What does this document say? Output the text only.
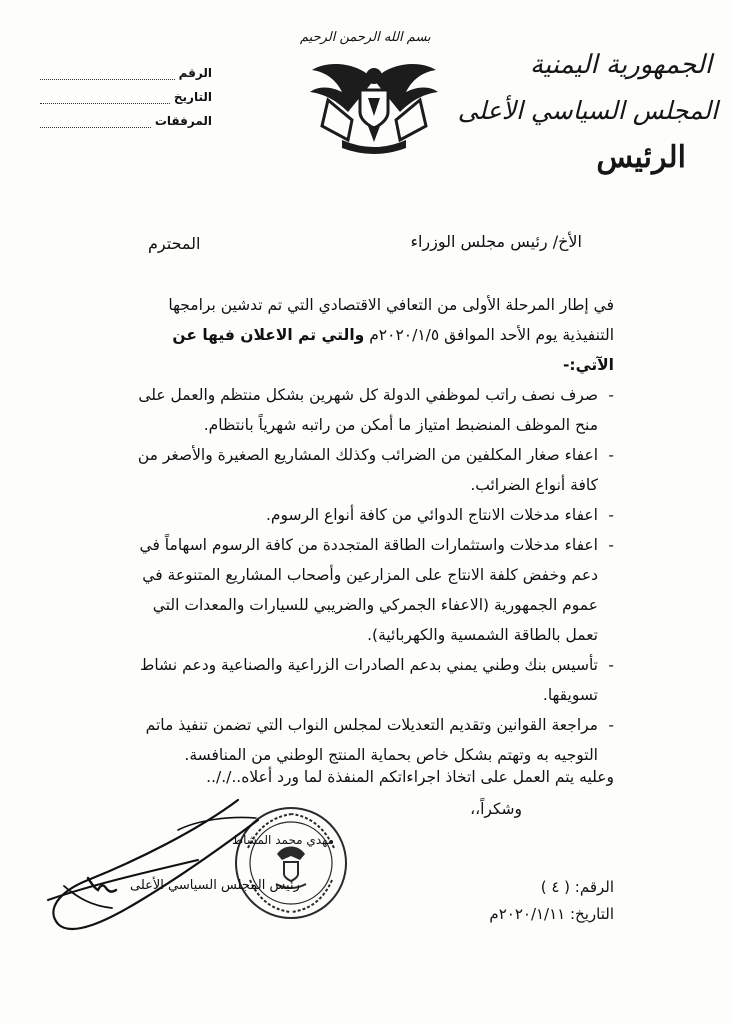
بسم الله الرحمن الرحيم
الجمهورية اليمنية
المجلس السياسي الأعلى
الرئيس
الرقم
التاريخ
المرفقات
الأخ/ رئيس مجلس الوزراء
المحترم

في إطار المرحلة الأولى من التعافي الاقتصادي التي تم تدشين برامجها التنفيذية يوم الأحد الموافق ٢٠٢٠/١/٥م والتي تم الاعلان فيها عن الآتي:-

-
صرف نصف راتب لموظفي الدولة كل شهرين بشكل منتظم والعمل على منح الموظف المنضبط امتياز ما أمكن من راتبه شهرياً بانتظام.
-
اعفاء صغار المكلفين من الضرائب وكذلك المشاريع الصغيرة والأصغر من كافة أنواع الضرائب.
-
اعفاء مدخلات الانتاج الدوائي من كافة أنواع الرسوم.
-
اعفاء مدخلات واستثمارات الطاقة المتجددة من كافة الرسوم اسهاماً في دعم وخفض كلفة الانتاج على المزارعين وأصحاب المشاريع المتنوعة في عموم الجمهورية (الاعفاء الجمركي والضريبي للسيارات والمعدات التي تعمل بالطاقة الشمسية والكهربائية).
-
تأسيس بنك وطني يمني بدعم الصادرات الزراعية والصناعية ودعم نشاط تسويقها.
-
مراجعة القوانين وتقديم التعديلات لمجلس النواب التي تضمن تنفيذ ماتم التوجيه به وتهتم بشكل خاص بحماية المنتج الوطني من المنافسة.
وعليه يتم العمل على اتخاذ اجراءاتكم المنفذة لما ورد أعلاه.././..
وشكراً،،
مهدي محمد المشاط
رئيس المجلس السياسي الأعلى	الرقم: ( ٤ )
التاريخ: ٢٠٢٠/١/١١م
